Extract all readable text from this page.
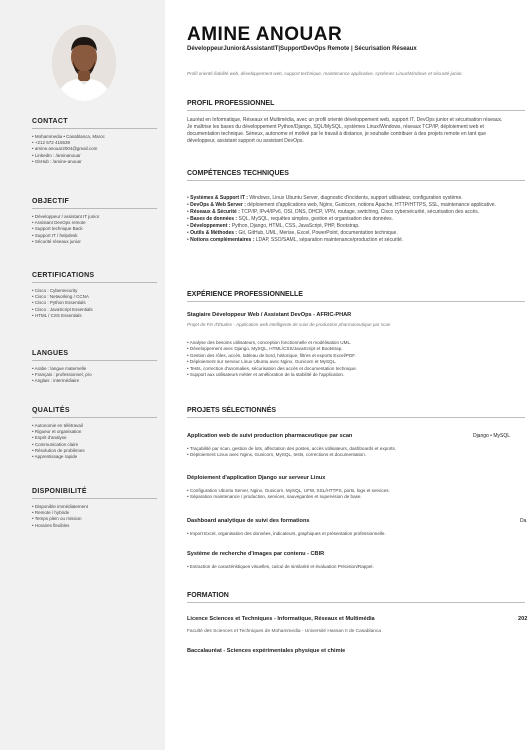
CONTACT
• Mohammedia • Casablanca, Maroc
• +212 672 415539
• amine.anouar2004@gmail.com
• LinkedIn : /aminanouar
• GitHub : /amine-anouar
OBJECTIF
• Développeur / assistant IT junior
• Assistant DevOps remote
• Support technique Back
• Support IT / helpdesk
• Sécurité réseaux junior
CERTIFICATIONS
• Cisco : Cybersecurity
• Cisco : Networking / CCNA
• Cisco : Python Essentials
• Cisco : JavaScript Essentials
• HTML / CSS Essentials
LANGUES
• Arabe : langue maternelle
• Français : professionnel, pro
• Anglais : intermédiaire
QUALITÉS
• Autonomie en télétravail
• Rigueur et organisation
• Esprit d'analyse
• Communication claire
• Résolution de problèmes
• Apprentissage rapide
DISPONIBILITÉ
• Disponible immédiatement
• Remote / hybride
• Temps plein ou mission
• Horaires flexibles
AMINE ANOUAR
DéveloppeurJunior&AssistantIT|SupportDevOps Remote | Sécurisation Réseaux
Profil orienté fiabilité web, développement web, support technique, maintenance applicative, systèmes Linux/Windows et sécurité junior.
PROFIL PROFESSIONNEL
Lauréat en Informatique, Réseaux et Multimédia, avec un profil orienté développement web, support IT, DevOps junior et sécurisation réseaux. Je maîtrise les bases du développement Python/Django, SQL/MySQL, systèmes Linux/Windows, réseaux TCP/IP, déploiement web et documentation technique. Sérieux, autonome et motivé par le travail à distance, je souhaite contribuer à des projets remote en tant que développeur, assistant support ou assistant DevOps.
COMPÉTENCES TECHNIQUES
• Systèmes & Support IT : Windows, Linux Ubuntu Server, diagnostic d'incidents, support utilisateur, configuration système.
• DevOps & Web Server : déploiement d'applications web, Nginx, Gunicorn, notions Apache, HTTP/HTTPS, SSL, maintenance applicative.
• Réseaux & Sécurité : TCP/IP, IPv4/IPv6, OSI, DNS, DHCP, VPN, routage, switching, Cisco cybersécurité, sécurisation des accès.
• Bases de données : SQL, MySQL, requêtes simples, gestion et organisation des données.
• Développement : Python, Django, HTML, CSS, JavaScript, PHP, Bootstrap.
• Outils & Méthodes : Git, GitHub, UML, Merise, Excel, PowerPoint, documentation technique.
• Notions complémentaires : LDAP, SSO/SAML, séparation maintenance/production et sécurité.
EXPÉRIENCE PROFESSIONNELLE
Stagiaire Développeur Web / Assistant DevOps - AFRIC-PHAR
Projet de Fin d'Études - Application web intelligente de suivi de production pharmaceutique par scan
• Analyse des besoins utilisateurs, conception fonctionnelle et modélisation UML.
• Développement avec Django, MySQL, HTML/CSS/JavaScript et Bootstrap.
• Gestion des rôles, accès, tableau de bord, historique, filtres et exports Excel/PDF.
• Déploiement sur serveur Linux Ubuntu avec Nginx, Gunicorn et MySQL.
• Tests, correction d'anomalies, sécurisation des accès et documentation technique.
• Support aux utilisateurs métier et amélioration de la stabilité de l'application.
PROJETS SÉLECTIONNÉS
Application web de suivi production pharmaceutique par scan	Django • MySQL
• Traçabilité par scan, gestion de lots, affectation des postes, accès utilisateurs, dashboards et exports.
• Déploiement Linux avec Nginx, Gunicorn, MySQL, tests, corrections et documentation.
Déploiement d'application Django sur serveur Linux
• Configuration Ubuntu Server, Nginx, Gunicorn, MySQL, UFW, SSL/HTTPS, ports, logs et services.
• Séparation maintenance / production, services, sauvegardes et supervision de base.
Dashboard analytique de suivi des formations	Da
• Import Excel, organisation des données, indicateurs, graphiques et présentation professionnelle.
Système de recherche d'images par contenu - CBIR
• Extraction de caractéristiques visuelles, calcul de similarité et évaluation Précision/Rappel.
FORMATION
Licence Sciences et Techniques - Informatique, Réseaux et Multimédia	202
Faculté des Sciences et Techniques de Mohammedia - Université Hassan II de Casablanca
Baccalauréat - Sciences expérimentales physique et chimie
